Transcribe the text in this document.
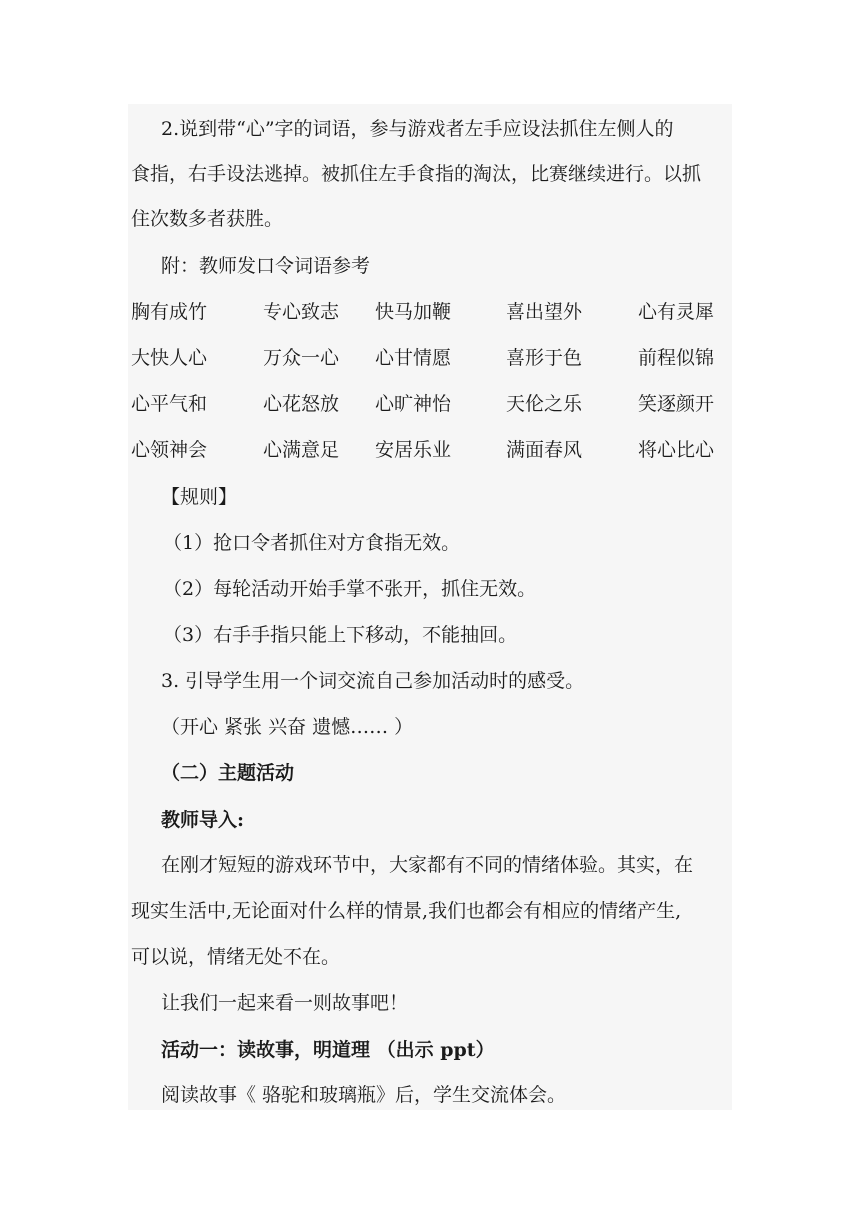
2.说到带“心”字的词语，参与游戏者左手应设法抓住左侧人的
食指，右手设法逃掉。被抓住左手食指的淘汰，比赛继续进行。以抓
住次数多者获胜。
附：教师发口令词语参考
胸有成竹	专心致志 快马加鞭	喜出望外	心有灵犀
大快人心	万众一心 心甘情愿	喜形于色	前程似锦
心平气和	心花怒放 心旷神怡	天伦之乐	笑逐颜开
心领神会	心满意足 安居乐业	满面春风	将心比心
【规则】
（1）抢口令者抓住对方食指无效。
（2）每轮活动开始手掌不张开，抓住无效。
（3）右手手指只能上下移动，不能抽回。
3. 引导学生用一个词交流自己参加活动时的感受。
（开心 紧张 兴奋 遗憾…… ）
（二）主题活动
教师导入:
在刚才短短的游戏环节中，大家都有不同的情绪体验。其实，在
现实生活中,无论面对什么样的情景,我们也都会有相应的情绪产生,
可以说，情绪无处不在。
让我们一起来看一则故事吧！
活动一：读故事，明道理 （出示 ppt）
阅读故事《 骆驼和玻璃瓶》后，学生交流体会。
